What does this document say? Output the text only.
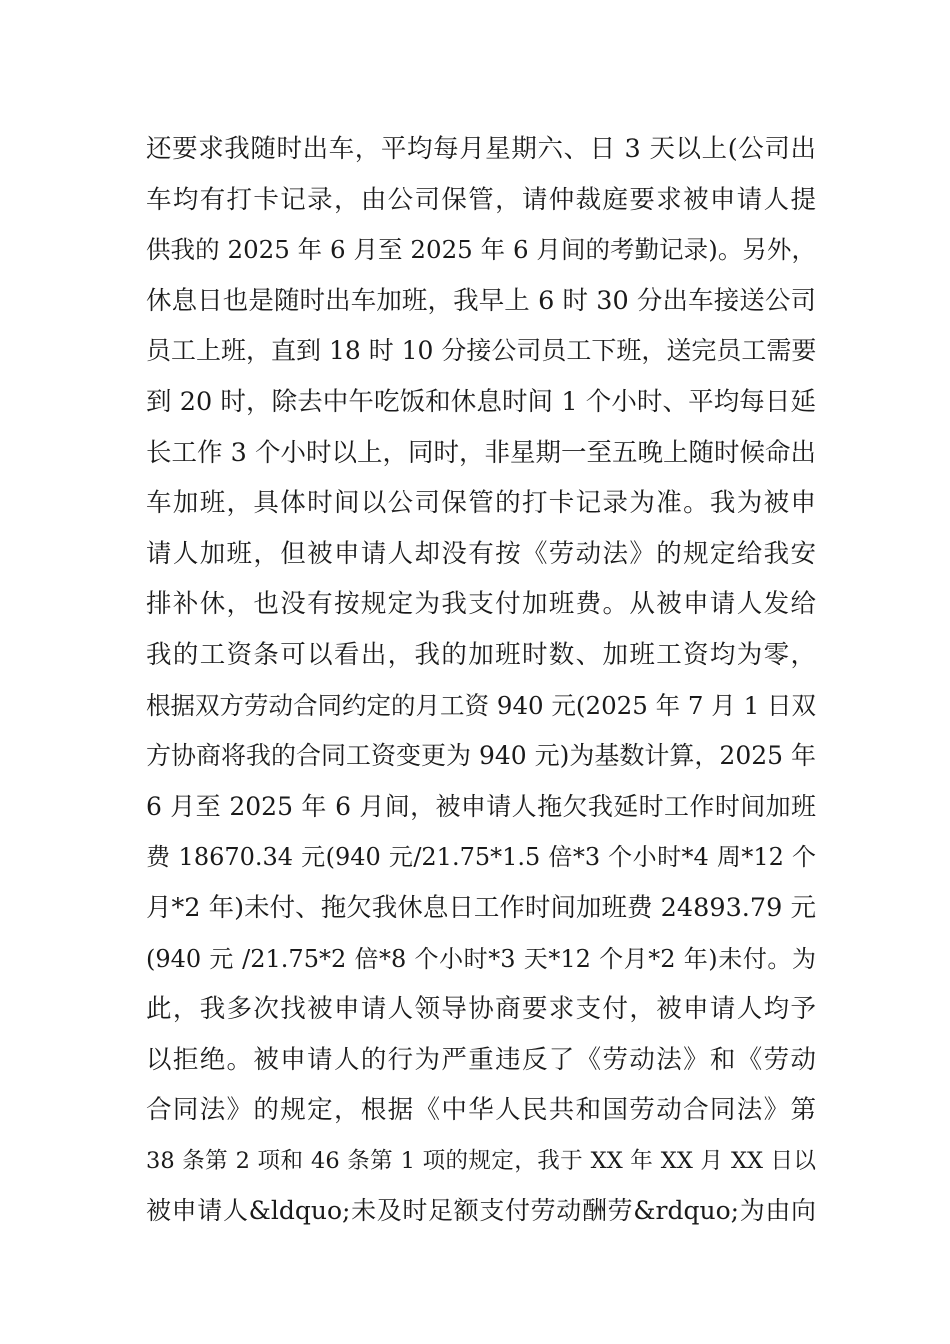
还要求我随时出车，平均每月星期六、日 3 天以上(公司出
车均有打卡记录，由公司保管，请仲裁庭要求被申请人提
供我的 2025 年 6 月至 2025 年 6 月间的考勤记录)。另外，
休息日也是随时出车加班，我早上 6 时 30 分出车接送公司
员工上班，直到 18 时 10 分接公司员工下班，送完员工需要
到 20 时，除去中午吃饭和休息时间 1 个小时、平均每日延
长工作 3 个小时以上，同时，非星期一至五晚上随时候命出
车加班，具体时间以公司保管的打卡记录为准。我为被申
请人加班，但被申请人却没有按《劳动法》的规定给我安
排补休，也没有按规定为我支付加班费。从被申请人发给
我的工资条可以看出，我的加班时数、加班工资均为零，
根据双方劳动合同约定的月工资 940 元(2025 年 7 月 1 日双
方协商将我的合同工资变更为 940 元)为基数计算，2025 年
6 月至 2025 年 6 月间，被申请人拖欠我延时工作时间加班
费 18670.34 元(940 元/21.75*1.5 倍*3 个小时*4 周*12 个
月*2 年)未付、拖欠我休息日工作时间加班费 24893.79 元
(940 元 /21.75*2 倍*8 个小时*3 天*12 个月*2 年)未付。为
此，我多次找被申请人领导协商要求支付，被申请人均予
以拒绝。被申请人的行为严重违反了《劳动法》和《劳动
合同法》的规定，根据《中华人民共和国劳动合同法》第
38 条第 2 项和 46 条第 1 项的规定，我于 XX 年 XX 月 XX 日以
被申请人&ldquo;未及时足额支付劳动酬劳&rdquo;为由向
